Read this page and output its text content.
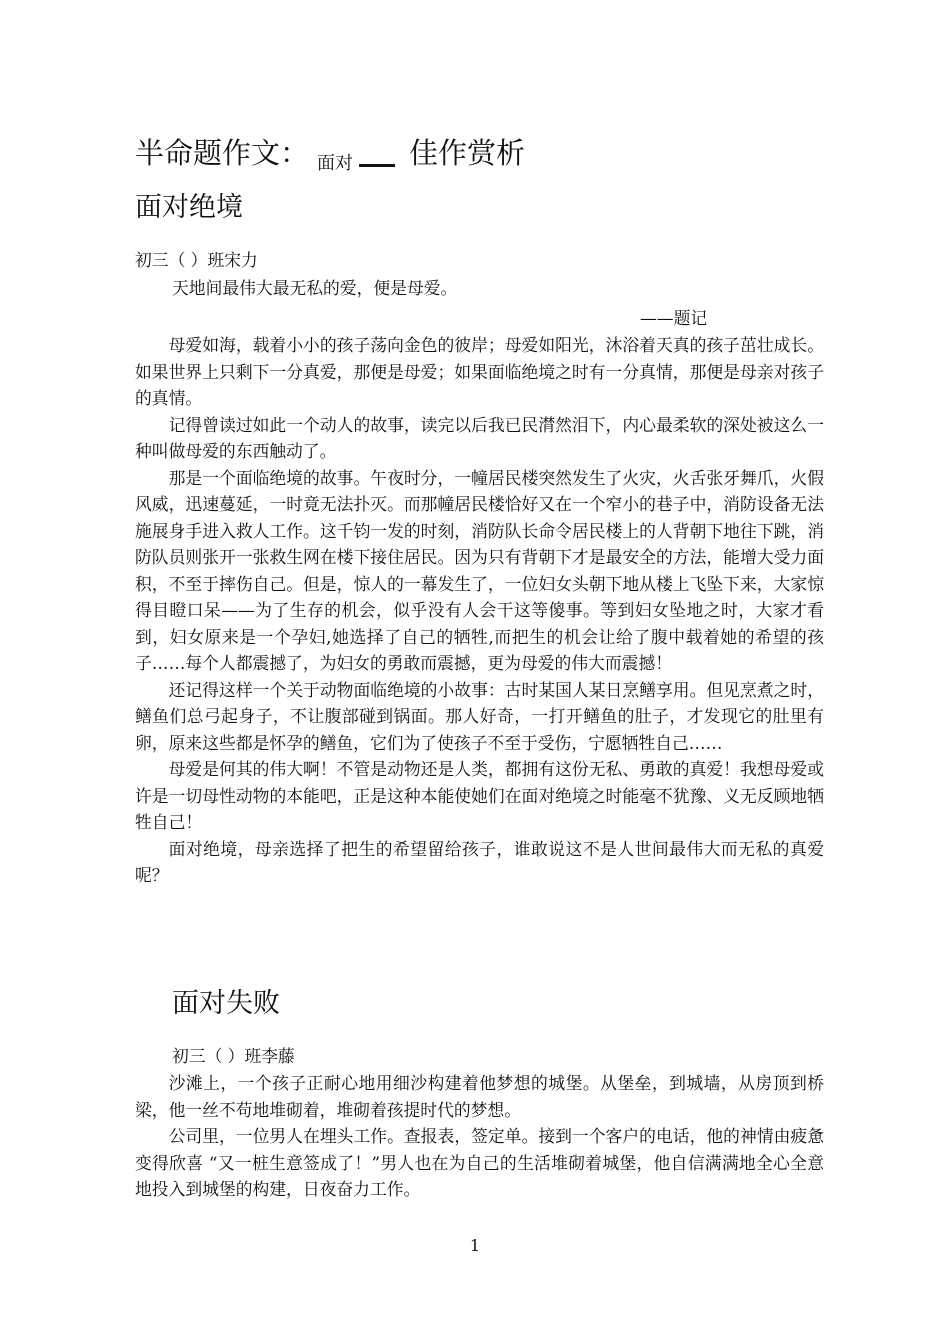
半命题作文： $_{面对}$ 佳作赏析
面对绝境
初三（ ）班宋力
天地间最伟大最无私的爱，便是母爱。
——题记

母爱如海，载着小小的孩子荡向金色的彼岸；母爱如阳光，沐浴着天真的孩子茁壮成长。如果世界上只剩下一分真爱，那便是母爱；如果面临绝境之时有一分真情，那便是母亲对孩子的真情。

记得曾读过如此一个动人的故事，读完以后我已民潸然泪下，内心最柔软的深处被这么一种叫做母爱的东西触动了。

那是一个面临绝境的故事。午夜时分，一幢居民楼突然发生了火灾，火舌张牙舞爪，火假风威，迅速蔓延，一时竟无法扑灭。而那幢居民楼恰好又在一个窄小的巷子中，消防设备无法施展身手进入救人工作。这千钧一发的时刻，消防队长命令居民楼上的人背朝下地往下跳，消防队员则张开一张救生网在楼下接住居民。因为只有背朝下才是最安全的方法，能增大受力面积，不至于摔伤自己。但是，惊人的一幕发生了，一位妇女头朝下地从楼上飞坠下来，大家惊得目瞪口呆——为了生存的机会，似乎没有人会干这等傻事。等到妇女坠地之时，大家才看到，妇女原来是一个孕妇,她选择了自己的牺牲,而把生的机会让给了腹中载着她的希望的孩子……每个人都震撼了，为妇女的勇敢而震撼，更为母爱的伟大而震撼！

还记得这样一个关于动物面临绝境的小故事：古时某国人某日烹鳝享用。但见烹煮之时，鳝鱼们总弓起身子，不让腹部碰到锅面。那人好奇，一打开鳝鱼的肚子，才发现它的肚里有卵，原来这些都是怀孕的鳝鱼，它们为了使孩子不至于受伤，宁愿牺牲自己……

母爱是何其的伟大啊！不管是动物还是人类，都拥有这份无私、勇敢的真爱！我想母爱或许是一切母性动物的本能吧，正是这种本能使她们在面对绝境之时能毫不犹豫、义无反顾地牺牲自己！

面对绝境，母亲选择了把生的希望留给孩子，谁敢说这不是人世间最伟大而无私的真爱呢？

面对失败
初三（ ）班李藤

沙滩上，一个孩子正耐心地用细沙构建着他梦想的城堡。从堡垒，到城墙，从房顶到桥梁，他一丝不苟地堆砌着，堆砌着孩提时代的梦想。

公司里，一位男人在埋头工作。查报表，签定单。接到一个客户的电话，他的神情由疲惫变得欣喜 “又一桩生意签成了！”男人也在为自己的生活堆砌着城堡，他自信满满地全心全意地投入到城堡的构建，日夜奋力工作。

1
